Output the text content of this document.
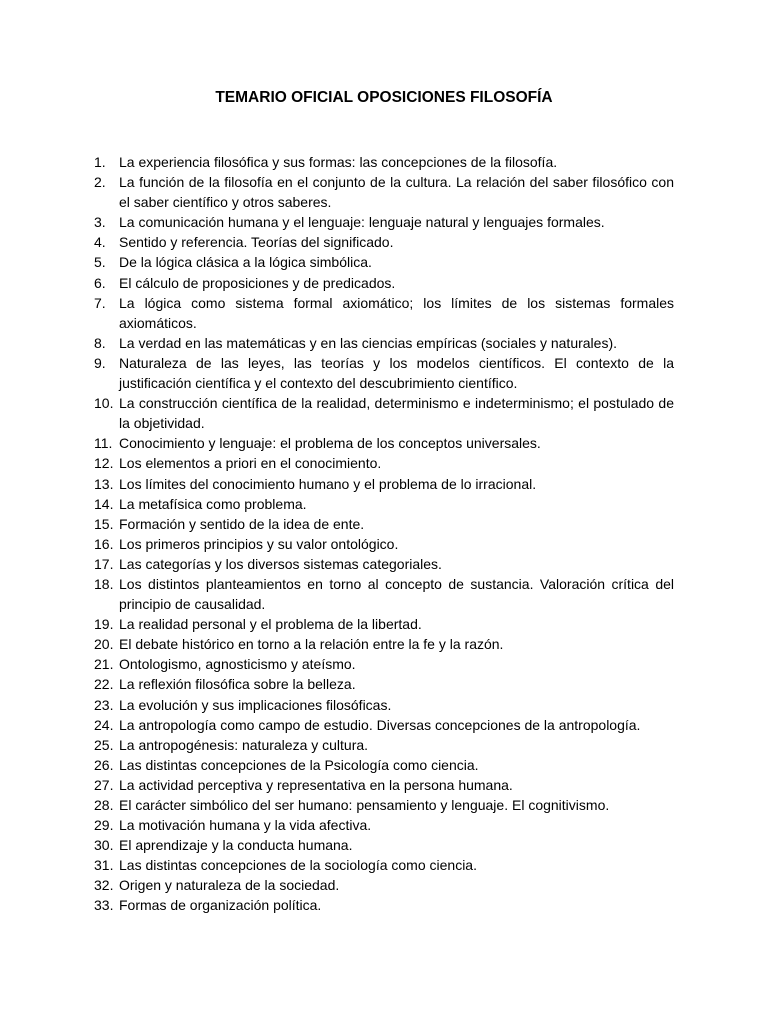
TEMARIO OFICIAL OPOSICIONES FILOSOFÍA
1. La experiencia filosófica y sus formas: las concepciones de la filosofía.
2. La función de la filosofía en el conjunto de la cultura. La relación del saber filosófico con el saber científico y otros saberes.
3. La comunicación humana y el lenguaje: lenguaje natural y lenguajes formales.
4. Sentido y referencia. Teorías del significado.
5. De la lógica clásica a la lógica simbólica.
6. El cálculo de proposiciones y de predicados.
7. La lógica como sistema formal axiomático; los límites de los sistemas formales axiomáticos.
8. La verdad en las matemáticas y en las ciencias empíricas (sociales y naturales).
9. Naturaleza de las leyes, las teorías y los modelos científicos. El contexto de la justificación científica y el contexto del descubrimiento científico.
10. La construcción científica de la realidad, determinismo e indeterminismo; el postulado de la objetividad.
11. Conocimiento y lenguaje: el problema de los conceptos universales.
12. Los elementos a priori en el conocimiento.
13. Los límites del conocimiento humano y el problema de lo irracional.
14. La metafísica como problema.
15. Formación y sentido de la idea de ente.
16. Los primeros principios y su valor ontológico.
17. Las categorías y los diversos sistemas categoriales.
18. Los distintos planteamientos en torno al concepto de sustancia. Valoración crítica del principio de causalidad.
19. La realidad personal y el problema de la libertad.
20. El debate histórico en torno a la relación entre la fe y la razón.
21. Ontologismo, agnosticismo y ateísmo.
22. La reflexión filosófica sobre la belleza.
23. La evolución y sus implicaciones filosóficas.
24. La antropología como campo de estudio. Diversas concepciones de la antropología.
25. La antropogénesis: naturaleza y cultura.
26. Las distintas concepciones de la Psicología como ciencia.
27. La actividad perceptiva y representativa en la persona humana.
28. El carácter simbólico del ser humano: pensamiento y lenguaje. El cognitivismo.
29. La motivación humana y la vida afectiva.
30. El aprendizaje y la conducta humana.
31. Las distintas concepciones de la sociología como ciencia.
32. Origen y naturaleza de la sociedad.
33. Formas de organización política.
